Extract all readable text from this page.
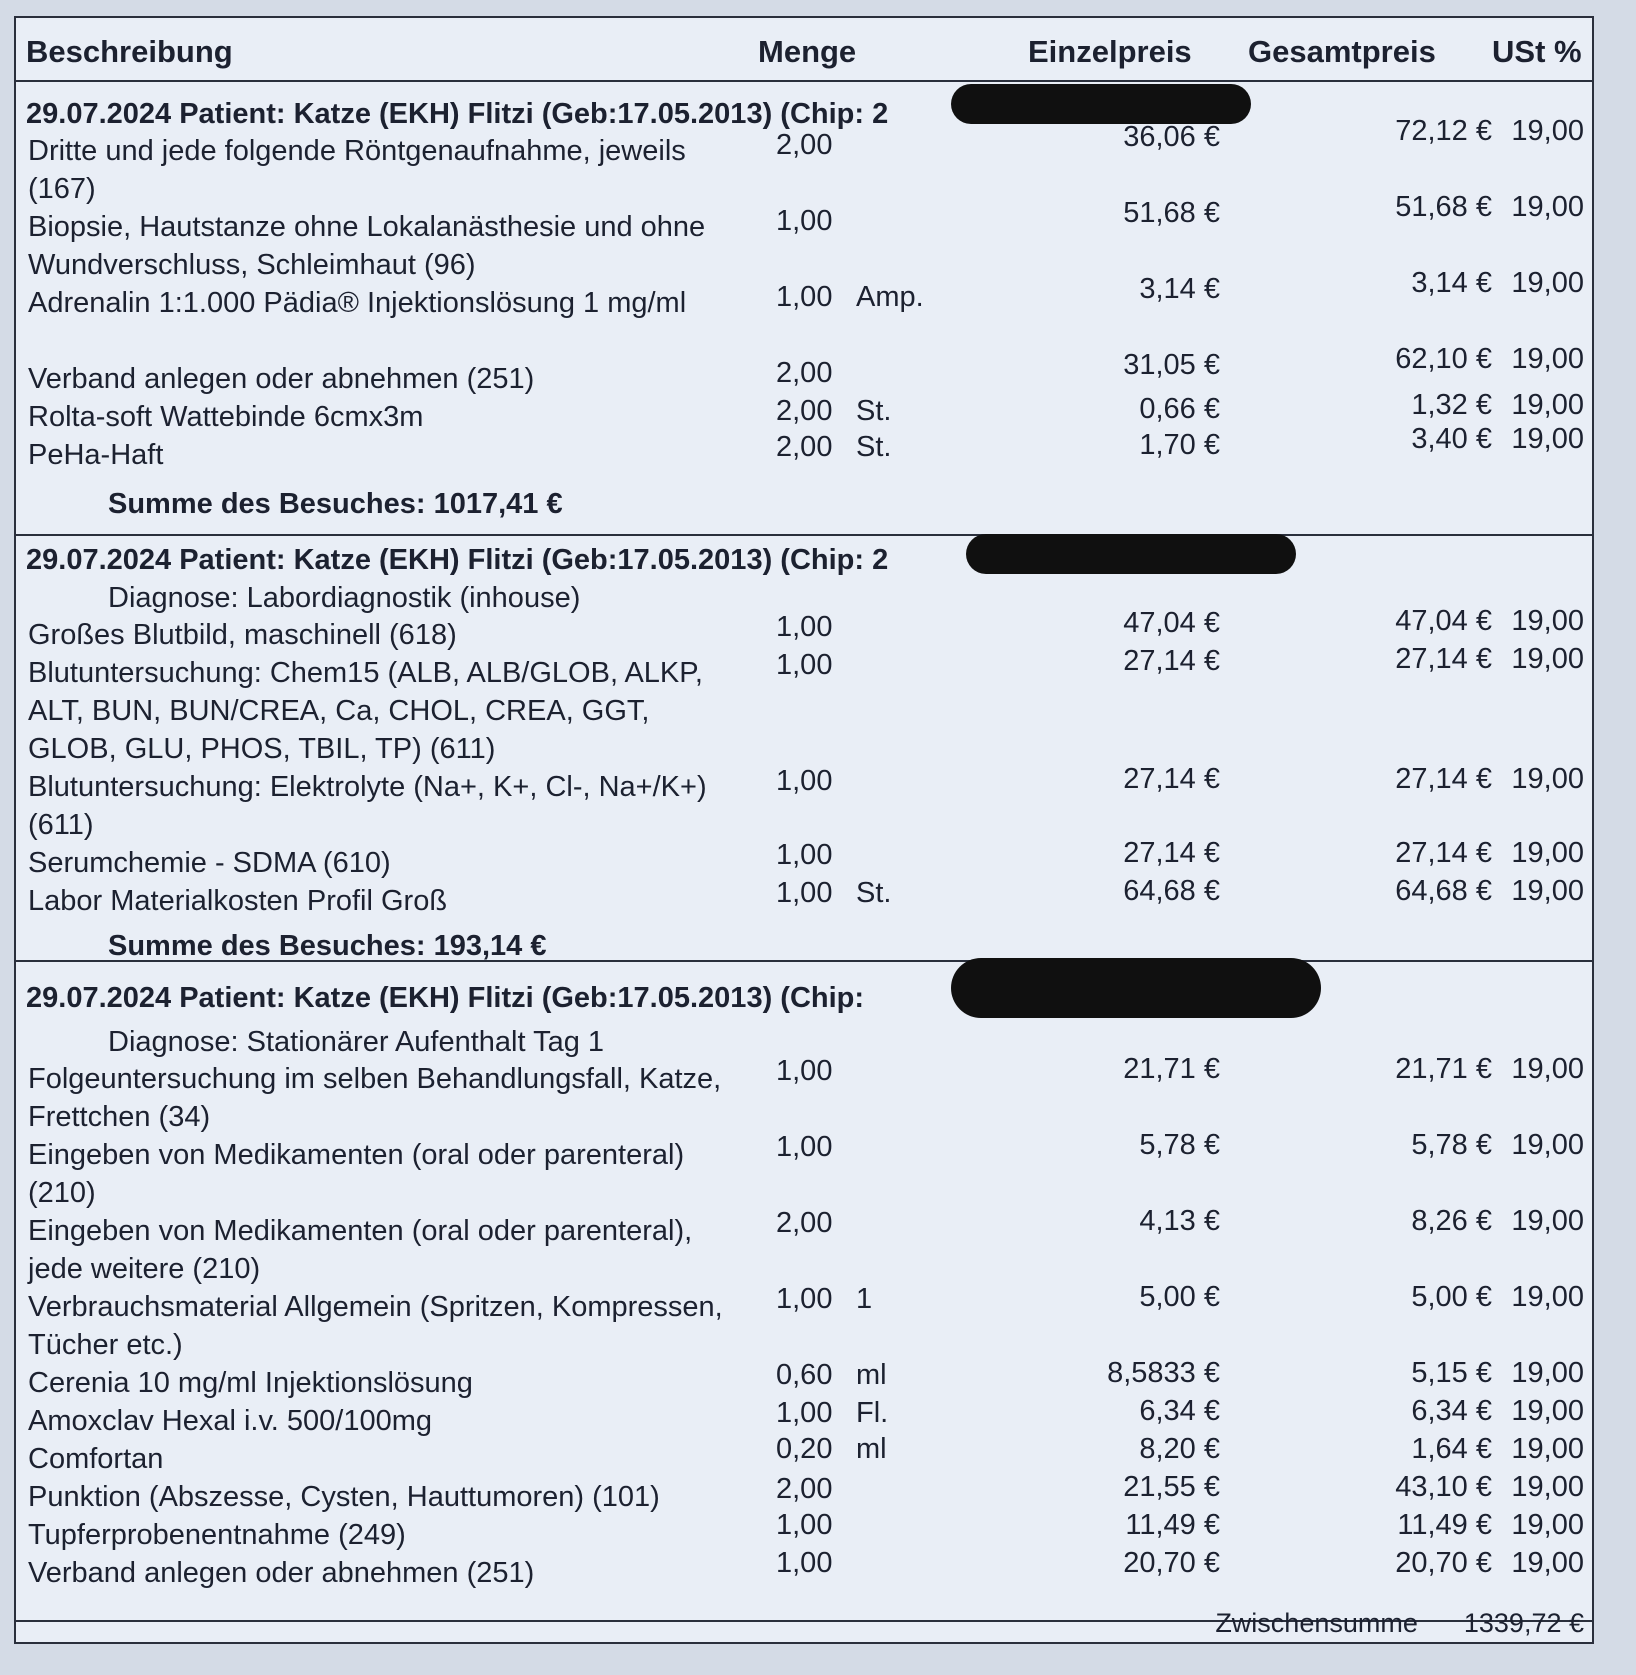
Beschreibung	Menge	Einzelpreis Gesamtpreis USt %
29.07.2024 Patient: Katze (EKH) Flitzi (Geb:17.05.2013) (Chip: 2
Dritte und jede folgende Röntgenaufnahme, jeweils (167)
2,00	36,06 €	72,12 € 19,00
Biopsie, Hautstanze ohne Lokalanästhesie und ohne Wundverschluss, Schleimhaut (96)
1,00	51,68 €	51,68 € 19,00
Adrenalin 1:1.000 Pädia® Injektionslösung 1 mg/ml	1,00 Amp.	3,14 €	3,14 € 19,00
Verband anlegen oder abnehmen (251)	2,00	31,05 €	62,10 € 19,00
Rolta-soft Wattebinde 6cmx3m	2,00 St.	0,66 €	1,32 € 19,00
PeHa-Haft	2,00 St.	1,70 €	3,40 € 19,00
Summe des Besuches: 1017,41 €
29.07.2024 Patient: Katze (EKH) Flitzi (Geb:17.05.2013) (Chip: 2
Diagnose: Labordiagnostik (inhouse)
Großes Blutbild, maschinell (618)	1,00	47,04 €	47,04 € 19,00
Blutuntersuchung: Chem15 (ALB, ALB/GLOB, ALKP, ALT, BUN, BUN/CREA, Ca, CHOL, CREA, GGT, GLOB, GLU, PHOS, TBIL, TP) (611)
1,00	27,14 €	27,14 € 19,00
Blutuntersuchung: Elektrolyte (Na+, K+, Cl-, Na+/K+) (611)
1,00	27,14 €	27,14 € 19,00
Serumchemie - SDMA (610)	1,00	27,14 €	27,14 € 19,00
Labor Materialkosten Profil Groß	1,00 St.	64,68 €	64,68 € 19,00
Summe des Besuches: 193,14 €
29.07.2024 Patient: Katze (EKH) Flitzi (Geb:17.05.2013) (Chip:
Diagnose: Stationärer Aufenthalt Tag 1
Folgeuntersuchung im selben Behandlungsfall, Katze, Frettchen (34)
1,00	21,71 €	21,71 € 19,00
Eingeben von Medikamenten (oral oder parenteral) (210)
1,00	5,78 €	5,78 € 19,00
Eingeben von Medikamenten (oral oder parenteral), jede weitere (210)
2,00	4,13 €	8,26 € 19,00
Verbrauchsmaterial Allgemein (Spritzen, Kompressen, Tücher etc.)
1,00 1	5,00 €	5,00 € 19,00
Cerenia 10 mg/ml Injektionslösung	0,60 ml	8,5833 €	5,15 € 19,00
Amoxclav Hexal i.v. 500/100mg	1,00 Fl.	6,34 €	6,34 € 19,00
Comfortan	0,20 ml	8,20 €	1,64 € 19,00
Punktion (Abszesse, Cysten, Hauttumoren) (101)	2,00	21,55 €	43,10 € 19,00
Tupferprobenentnahme (249)	1,00	11,49 €	11,49 € 19,00
Verband anlegen oder abnehmen (251)	1,00	20,70 €	20,70 € 19,00
Zwischensumme 1339,72 €
